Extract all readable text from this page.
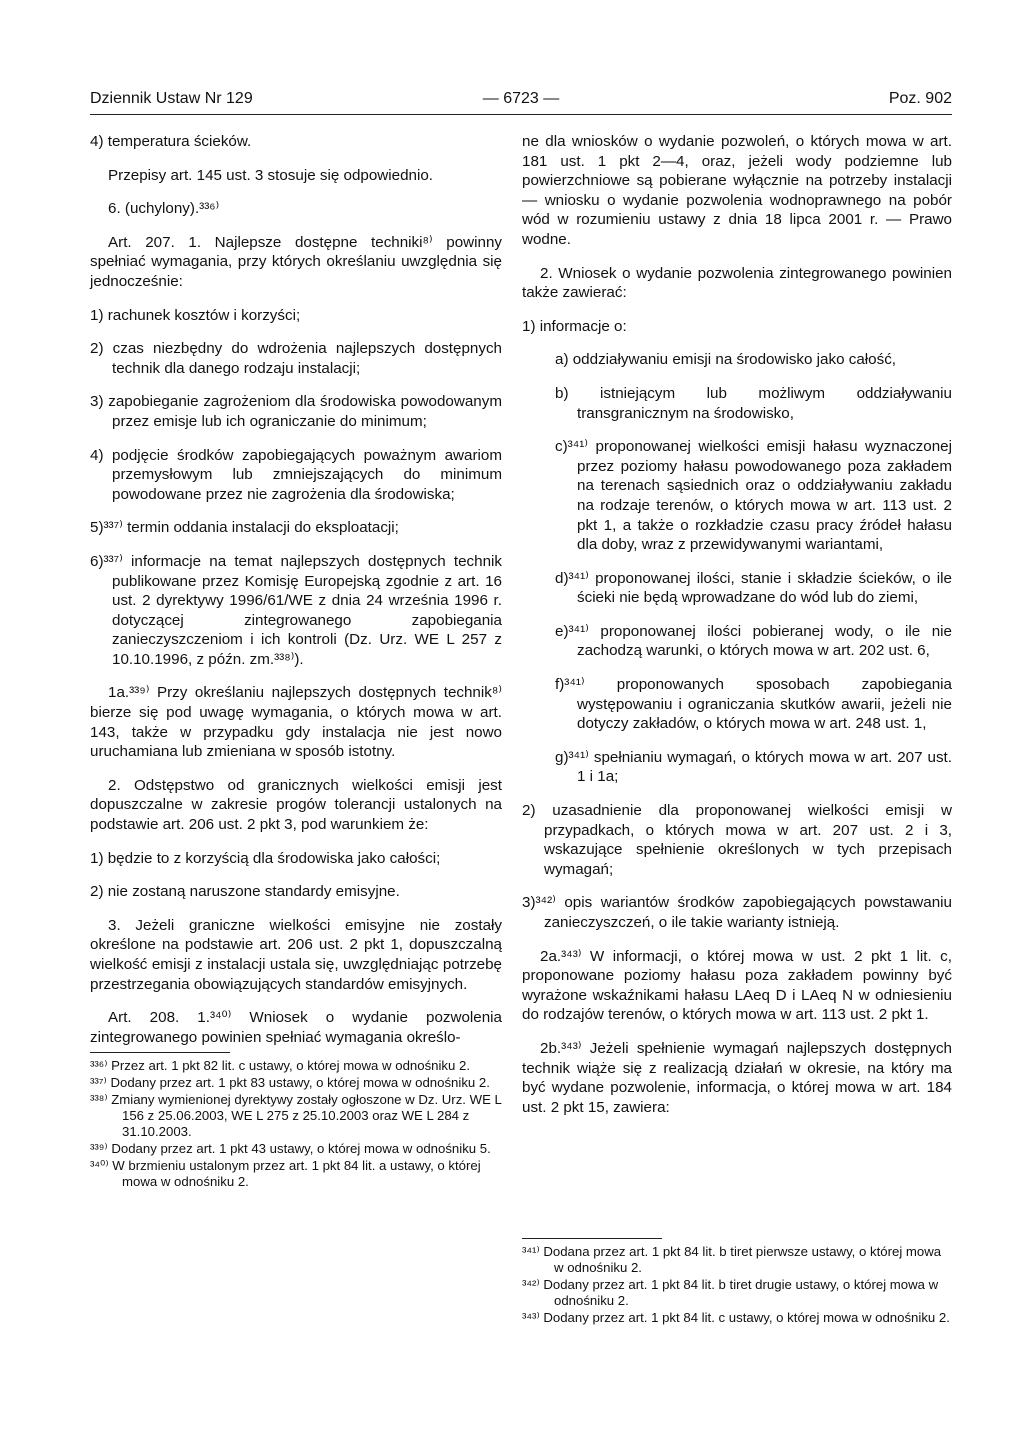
Dziennik Ustaw Nr 129	— 6723 —	Poz. 902

4) temperatura ścieków.

Przepisy art. 145 ust. 3 stosuje się odpowiednio.

6. (uchylony).³³⁶⁾

Art. 207. 1. Najlepsze dostępne techniki⁸⁾ powinny spełniać wymagania, przy których określaniu uwzględnia się jednocześnie:

1) rachunek kosztów i korzyści;

2) czas niezbędny do wdrożenia najlepszych dostępnych technik dla danego rodzaju instalacji;

3) zapobieganie zagrożeniom dla środowiska powodowanym przez emisje lub ich ograniczanie do minimum;

4) podjęcie środków zapobiegających poważnym awariom przemysłowym lub zmniejszających do minimum powodowane przez nie zagrożenia dla środowiska;

5)³³⁷⁾ termin oddania instalacji do eksploatacji;

6)³³⁷⁾ informacje na temat najlepszych dostępnych technik publikowane przez Komisję Europejską zgodnie z art. 16 ust. 2 dyrektywy 1996/61/WE z dnia 24 września 1996 r. dotyczącej zintegrowanego zapobiegania zanieczyszczeniom i ich kontroli (Dz. Urz. WE L 257 z 10.10.1996, z późn. zm.³³⁸⁾).

1a.³³⁹⁾ Przy określaniu najlepszych dostępnych technik⁸⁾ bierze się pod uwagę wymagania, o których mowa w art. 143, także w przypadku gdy instalacja nie jest nowo uruchamiana lub zmieniana w sposób istotny.

2. Odstępstwo od granicznych wielkości emisji jest dopuszczalne w zakresie progów tolerancji ustalonych na podstawie art. 206 ust. 2 pkt 3, pod warunkiem że:

1) będzie to z korzyścią dla środowiska jako całości;

2) nie zostaną naruszone standardy emisyjne.

3. Jeżeli graniczne wielkości emisyjne nie zostały określone na podstawie art. 206 ust. 2 pkt 1, dopuszczalną wielkość emisji z instalacji ustala się, uwzględniając potrzebę przestrzegania obowiązujących standardów emisyjnych.

Art. 208. 1.³⁴⁰⁾ Wniosek o wydanie pozwolenia zintegrowanego powinien spełniać wymagania określo-

ne dla wniosków o wydanie pozwoleń, o których mowa w art. 181 ust. 1 pkt 2—4, oraz, jeżeli wody podziemne lub powierzchniowe są pobierane wyłącznie na potrzeby instalacji — wniosku o wydanie pozwolenia wodnoprawnego na pobór wód w rozumieniu ustawy z dnia 18 lipca 2001 r. — Prawo wodne.

2. Wniosek o wydanie pozwolenia zintegrowanego powinien także zawierać:

1) informacje o:

a) oddziaływaniu emisji na środowisko jako całość,

b) istniejącym lub możliwym oddziaływaniu transgranicznym na środowisko,

c)³⁴¹⁾ proponowanej wielkości emisji hałasu wyznaczonej przez poziomy hałasu powodowanego poza zakładem na terenach sąsiednich oraz o oddziaływaniu zakładu na rodzaje terenów, o których mowa w art. 113 ust. 2 pkt 1, a także o rozkładzie czasu pracy źródeł hałasu dla doby, wraz z przewidywanymi wariantami,

d)³⁴¹⁾ proponowanej ilości, stanie i składzie ścieków, o ile ścieki nie będą wprowadzane do wód lub do ziemi,

e)³⁴¹⁾ proponowanej ilości pobieranej wody, o ile nie zachodzą warunki, o których mowa w art. 202 ust. 6,

f)³⁴¹⁾ proponowanych sposobach zapobiegania występowaniu i ograniczania skutków awarii, jeżeli nie dotyczy zakładów, o których mowa w art. 248 ust. 1,

g)³⁴¹⁾ spełnianiu wymagań, o których mowa w art. 207 ust. 1 i 1a;

2) uzasadnienie dla proponowanej wielkości emisji w przypadkach, o których mowa w art. 207 ust. 2 i 3, wskazujące spełnienie określonych w tych przepisach wymagań;

3)³⁴²⁾ opis wariantów środków zapobiegających powstawaniu zanieczyszczeń, o ile takie warianty istnieją.

2a.³⁴³⁾ W informacji, o której mowa w ust. 2 pkt 1 lit. c, proponowane poziomy hałasu poza zakładem powinny być wyrażone wskaźnikami hałasu LAeq D i LAeq N w odniesieniu do rodzajów terenów, o których mowa w art. 113 ust. 2 pkt 1.

2b.³⁴³⁾ Jeżeli spełnienie wymagań najlepszych dostępnych technik wiąże się z realizacją działań w okresie, na który ma być wydane pozwolenie, informacja, o której mowa w art. 184 ust. 2 pkt 15, zawiera:

³³⁶⁾ Przez art. 1 pkt 82 lit. c ustawy, o której mowa w odnośniku 2.
³³⁷⁾ Dodany przez art. 1 pkt 83 ustawy, o której mowa w odnośniku 2.
³³⁸⁾ Zmiany wymienionej dyrektywy zostały ogłoszone w Dz. Urz. WE L 156 z 25.06.2003, WE L 275 z 25.10.2003 oraz WE L 284 z 31.10.2003.
³³⁹⁾ Dodany przez art. 1 pkt 43 ustawy, o której mowa w odnośniku 5.
³⁴⁰⁾ W brzmieniu ustalonym przez art. 1 pkt 84 lit. a ustawy, o której mowa w odnośniku 2.
³⁴¹⁾ Dodana przez art. 1 pkt 84 lit. b tiret pierwsze ustawy, o której mowa w odnośniku 2.
³⁴²⁾ Dodany przez art. 1 pkt 84 lit. b tiret drugie ustawy, o której mowa w odnośniku 2.
³⁴³⁾ Dodany przez art. 1 pkt 84 lit. c ustawy, o której mowa w odnośniku 2.
